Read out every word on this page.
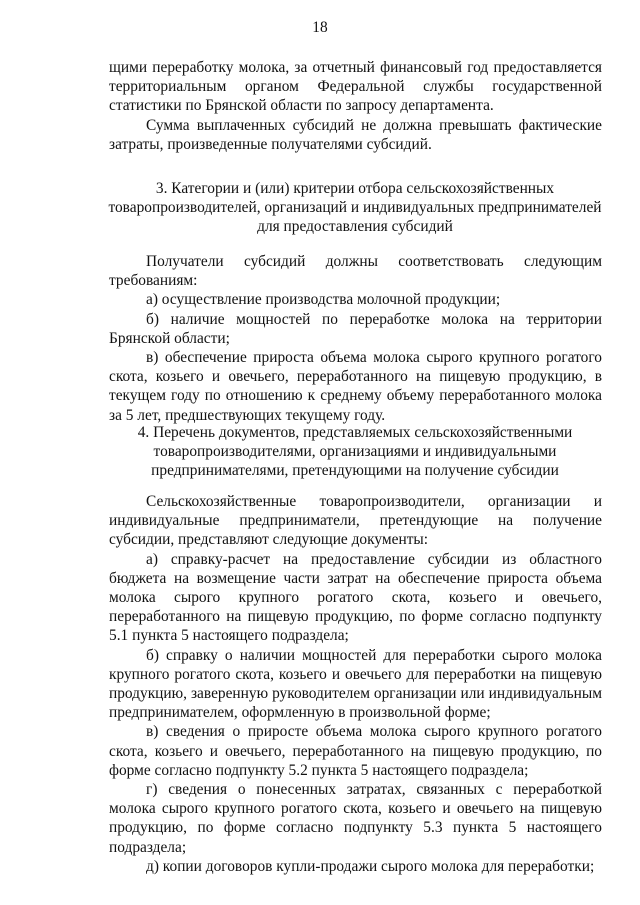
18

щими переработку молока, за отчетный финансовый год предоставляется территориальным органом Федеральной службы государственной статистики по Брянской области по запросу департамента.

Сумма выплаченных субсидий не должна превышать фактические затраты, произведенные получателями субсидий.

3. Категории и (или) критерии отбора сельскохозяйственных
товаропроизводителей, организаций и индивидуальных предпринимателей
для предоставления субсидий

Получатели субсидий должны соответствовать следующим требованиям:

а) осуществление производства молочной продукции;

б) наличие мощностей по переработке молока на территории Брянской области;

в) обеспечение прироста объема молока сырого крупного рогатого скота, козьего и овечьего, переработанного на пищевую продукцию, в текущем году по отношению к среднему объему переработанного молока за 5 лет, предшествующих текущему году.

4. Перечень документов, представляемых сельскохозяйственными
товаропроизводителями, организациями и индивидуальными
предпринимателями, претендующими на получение субсидии

Сельскохозяйственные товаропроизводители, организации и индивидуальные предприниматели, претендующие на получение субсидии, представляют следующие документы:

а) справку-расчет на предоставление субсидии из областного бюджета на возмещение части затрат на обеспечение прироста объема молока сырого крупного рогатого скота, козьего и овечьего, переработанного на пищевую продукцию, по форме согласно подпункту 5.1 пункта 5 настоящего подраздела;

б) справку о наличии мощностей для переработки сырого молока крупного рогатого скота, козьего и овечьего для переработки на пищевую продукцию, заверенную руководителем организации или индивидуальным предпринимателем, оформленную в произвольной форме;

в) сведения о приросте объема молока сырого крупного рогатого скота, козьего и овечьего, переработанного на пищевую продукцию, по форме согласно подпункту 5.2 пункта 5 настоящего подраздела;

г) сведения о понесенных затратах, связанных с переработкой молока сырого крупного рогатого скота, козьего и овечьего на пищевую продукцию, по форме согласно подпункту 5.3 пункта 5 настоящего подраздела;

д) копии договоров купли-продажи сырого молока для переработки;
